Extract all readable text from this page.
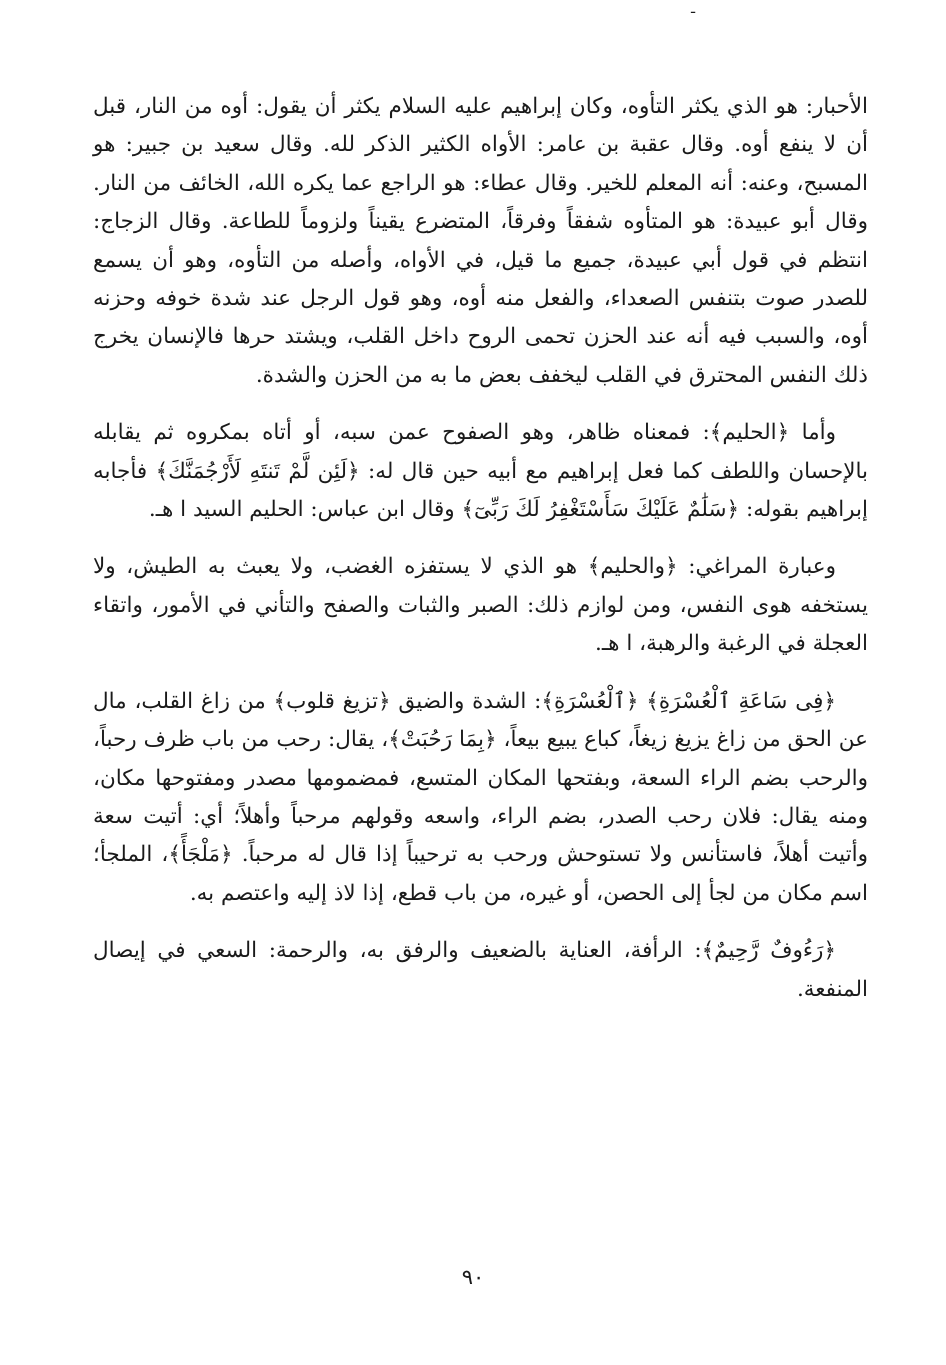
ـ

الأحبار: هو الذي يكثر التأوه، وكان إبراهيم عليه السلام يكثر أن يقول: أوه من النار، قبل أن لا ينفع أوه. وقال عقبة بن عامر: الأواه الكثير الذكر لله. وقال سعيد بن جبير: هو المسبح، وعنه: أنه المعلم للخير. وقال عطاء: هو الراجع عما يكره الله، الخائف من النار. وقال أبو عبيدة: هو المتأوه شفقاً وفرقاً، المتضرع يقيناً ولزوماً للطاعة. وقال الزجاج: انتظم في قول أبي عبيدة، جميع ما قيل، في الأواه، وأصله من التأوه، وهو أن يسمع للصدر صوت بتنفس الصعداء، والفعل منه أوه، وهو قول الرجل عند شدة خوفه وحزنه أوه، والسبب فيه أنه عند الحزن تحمى الروح داخل القلب، ويشتد حرها فالإنسان يخرج ذلك النفس المحترق في القلب ليخفف بعض ما به من الحزن والشدة.

وأما ﴿الحليم﴾: فمعناه ظاهر، وهو الصفوح عمن سبه، أو أتاه بمكروه ثم يقابله بالإحسان واللطف كما فعل إبراهيم مع أبيه حين قال له: ﴿لَئِن لَّمْ تَنتَهِ لَأَرْجُمَنَّكَ﴾ فأجابه إبراهيم بقوله: ﴿سَلَٰمٌ عَلَيْكَ سَأَسْتَغْفِرُ لَكَ رَبِّىٓ﴾ وقال ابن عباس: الحليم السيد ا هـ.

وعبارة المراغي: ﴿والحليم﴾ هو الذي لا يستفزه الغضب، ولا يعبث به الطيش، ولا يستخفه هوى النفس، ومن لوازم ذلك: الصبر والثبات والصفح والتأني في الأمور، واتقاء العجلة في الرغبة والرهبة، ا هـ.

﴿فِى سَاعَةِ ٱلْعُسْرَةِ﴾ ﴿ٱلْعُسْرَةِ﴾: الشدة والضيق ﴿تزيغ قلوب﴾ من زاغ القلب، مال عن الحق من زاغ يزيغ زيغاً، كباع يبيع بيعاً، ﴿بِمَا رَحُبَتْ﴾، يقال: رحب من باب ظرف رحباً، والرحب بضم الراء السعة، وبفتحها المكان المتسع، فمضمومها مصدر ومفتوحها مكان، ومنه يقال: فلان رحب الصدر، بضم الراء، واسعه وقولهم مرحباً وأهلاً؛ أي: أتيت سعة وأتيت أهلاً، فاستأنس ولا تستوحش ورحب به ترحيباً إذا قال له مرحباً. ﴿مَلْجَأً﴾، الملجأ؛ اسم مكان من لجأ إلى الحصن، أو غيره، من باب قطع، إذا لاذ إليه واعتصم به.

﴿رَءُوفٌ رَّحِيمٌ﴾: الرأفة، العناية بالضعيف والرفق به، والرحمة: السعي في إيصال المنفعة.

٩٠
